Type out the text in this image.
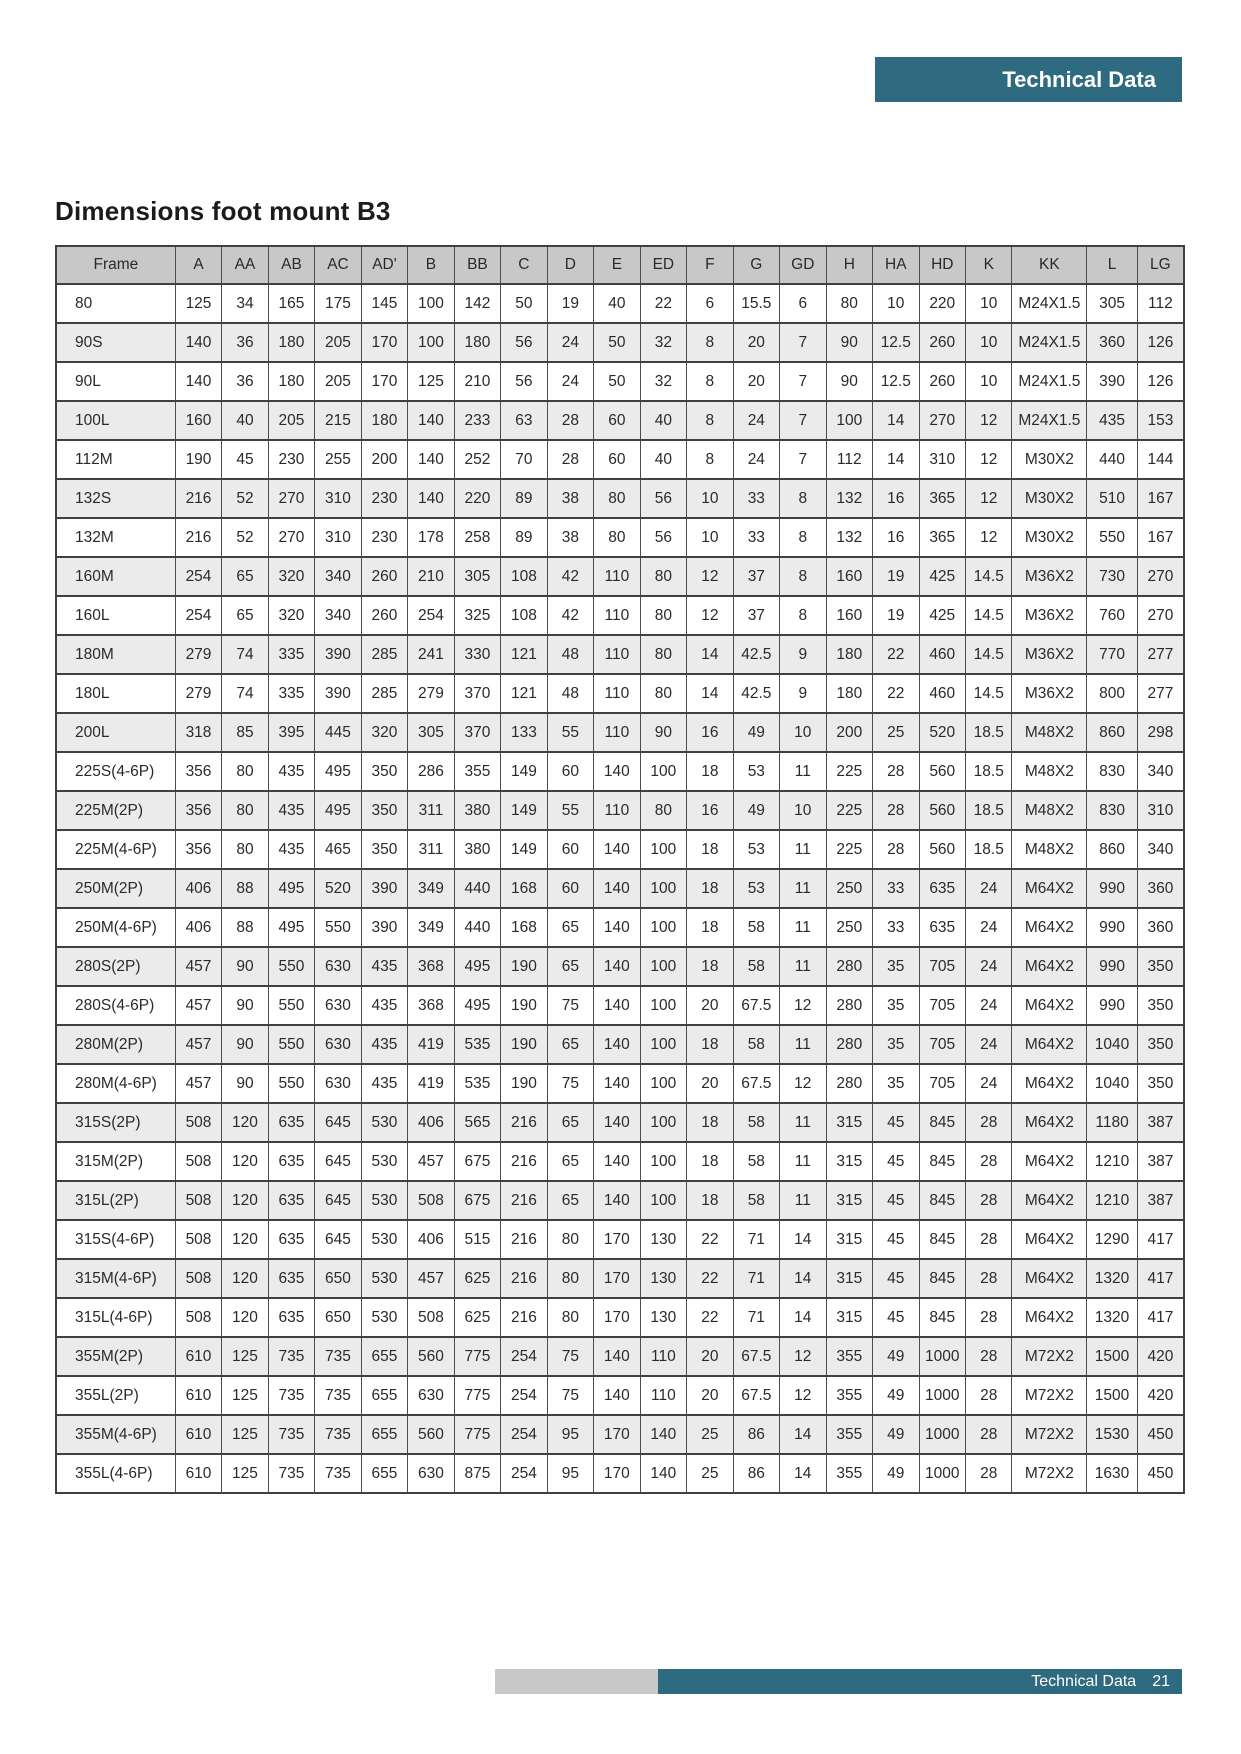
Technical Data
Dimensions foot mount B3
Frame	A	AA	AB	AC	AD'	B	BB	C	D	E	ED	F	G	GD	H	HA	HD	K	KK	L	LG
80	125	34	165	175	145	100	142	50	19	40	22	6	15.5	6	80	10	220	10	M24X1.5	305	112
90S	140	36	180	205	170	100	180	56	24	50	32	8	20	7	90	12.5	260	10	M24X1.5	360	126
90L	140	36	180	205	170	125	210	56	24	50	32	8	20	7	90	12.5	260	10	M24X1.5	390	126
100L	160	40	205	215	180	140	233	63	28	60	40	8	24	7	100	14	270	12	M24X1.5	435	153
112M	190	45	230	255	200	140	252	70	28	60	40	8	24	7	112	14	310	12	M30X2	440	144
132S	216	52	270	310	230	140	220	89	38	80	56	10	33	8	132	16	365	12	M30X2	510	167
132M	216	52	270	310	230	178	258	89	38	80	56	10	33	8	132	16	365	12	M30X2	550	167
160M	254	65	320	340	260	210	305	108	42	110	80	12	37	8	160	19	425	14.5	M36X2	730	270
160L	254	65	320	340	260	254	325	108	42	110	80	12	37	8	160	19	425	14.5	M36X2	760	270
180M	279	74	335	390	285	241	330	121	48	110	80	14	42.5	9	180	22	460	14.5	M36X2	770	277
180L	279	74	335	390	285	279	370	121	48	110	80	14	42.5	9	180	22	460	14.5	M36X2	800	277
200L	318	85	395	445	320	305	370	133	55	110	90	16	49	10	200	25	520	18.5	M48X2	860	298
225S(4-6P)	356	80	435	495	350	286	355	149	60	140	100	18	53	11	225	28	560	18.5	M48X2	830	340
225M(2P)	356	80	435	495	350	311	380	149	55	110	80	16	49	10	225	28	560	18.5	M48X2	830	310
225M(4-6P)	356	80	435	465	350	311	380	149	60	140	100	18	53	11	225	28	560	18.5	M48X2	860	340
250M(2P)	406	88	495	520	390	349	440	168	60	140	100	18	53	11	250	33	635	24	M64X2	990	360
250M(4-6P)	406	88	495	550	390	349	440	168	65	140	100	18	58	11	250	33	635	24	M64X2	990	360
280S(2P)	457	90	550	630	435	368	495	190	65	140	100	18	58	11	280	35	705	24	M64X2	990	350
280S(4-6P)	457	90	550	630	435	368	495	190	75	140	100	20	67.5	12	280	35	705	24	M64X2	990	350
280M(2P)	457	90	550	630	435	419	535	190	65	140	100	18	58	11	280	35	705	24	M64X2	1040	350
280M(4-6P)	457	90	550	630	435	419	535	190	75	140	100	20	67.5	12	280	35	705	24	M64X2	1040	350
315S(2P)	508	120	635	645	530	406	565	216	65	140	100	18	58	11	315	45	845	28	M64X2	1180	387
315M(2P)	508	120	635	645	530	457	675	216	65	140	100	18	58	11	315	45	845	28	M64X2	1210	387
315L(2P)	508	120	635	645	530	508	675	216	65	140	100	18	58	11	315	45	845	28	M64X2	1210	387
315S(4-6P)	508	120	635	645	530	406	515	216	80	170	130	22	71	14	315	45	845	28	M64X2	1290	417
315M(4-6P)	508	120	635	650	530	457	625	216	80	170	130	22	71	14	315	45	845	28	M64X2	1320	417
315L(4-6P)	508	120	635	650	530	508	625	216	80	170	130	22	71	14	315	45	845	28	M64X2	1320	417
355M(2P)	610	125	735	735	655	560	775	254	75	140	110	20	67.5	12	355	49	1000	28	M72X2	1500	420
355L(2P)	610	125	735	735	655	630	775	254	75	140	110	20	67.5	12	355	49	1000	28	M72X2	1500	420
355M(4-6P)	610	125	735	735	655	560	775	254	95	170	140	25	86	14	355	49	1000	28	M72X2	1530	450
355L(4-6P)	610	125	735	735	655	630	875	254	95	170	140	25	86	14	355	49	1000	28	M72X2	1630	450
Technical Data 21
